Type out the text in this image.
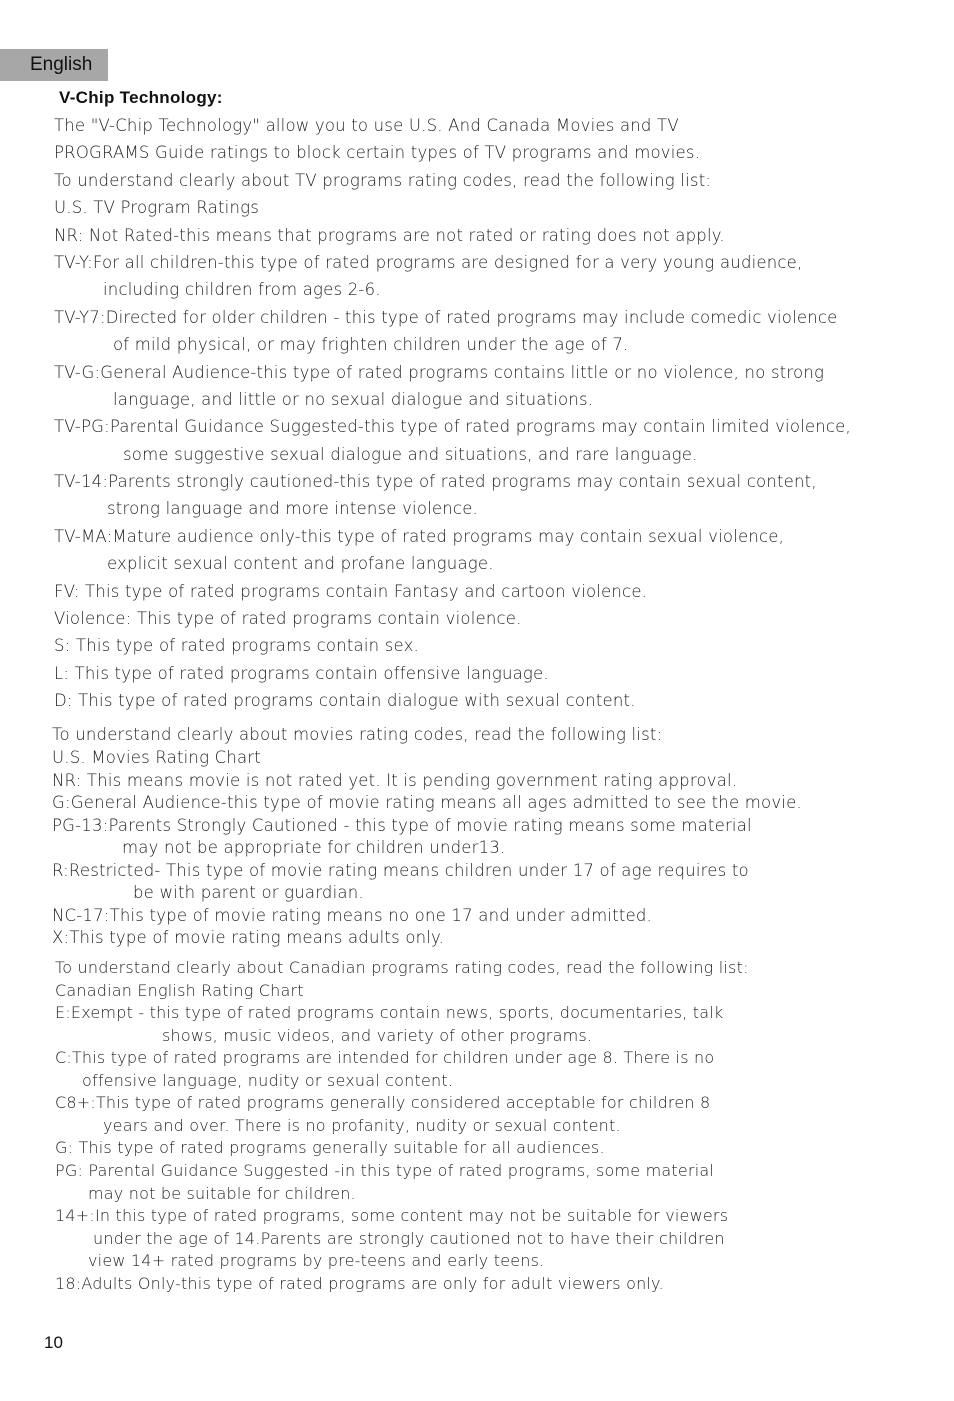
English
V-Chip Technology:
The "V-Chip Technology" allow you to use U.S. And Canada Movies and TV
PROGRAMS Guide ratings to block certain types of TV programs and movies.
To understand clearly about TV programs rating codes, read the following list:
U.S. TV Program Ratings
NR: Not Rated-this means that programs are not rated or rating does not apply.
TV-Y:For all children-this type of rated programs are designed for a very young audience,
including children from ages 2-6.
TV-Y7:Directed for older children - this type of rated programs may include comedic violence
of mild physical, or may frighten children under the age of 7.
TV-G:General Audience-this type of rated programs contains little or no violence, no strong
language, and little or no sexual dialogue and situations.
TV-PG:Parental Guidance Suggested-this type of rated programs may contain limited violence,
some suggestive sexual dialogue and situations, and rare language.
TV-14:Parents strongly cautioned-this type of rated programs may contain sexual content,
strong language and more intense violence.
TV-MA:Mature audience only-this type of rated programs may contain sexual violence,
explicit sexual content and profane language.
FV: This type of rated programs contain Fantasy and cartoon violence.
Violence: This type of rated programs contain violence.
S: This type of rated programs contain sex.
L: This type of rated programs contain offensive language.
D: This type of rated programs contain dialogue with sexual content.
To understand clearly about movies rating codes, read the following list:
U.S. Movies Rating Chart
NR: This means movie is not rated yet. It is pending government rating approval.
G:General Audience-this type of movie rating means all ages admitted to see the movie.
PG-13:Parents Strongly Cautioned - this type of movie rating means some material
may not be appropriate for children under13.
R:Restricted- This type of movie rating means children under 17 of age requires to
be with parent or guardian.
NC-17:This type of movie rating means no one 17 and under admitted.
X:This type of movie rating means adults only.
To understand clearly about Canadian programs rating codes, read the following list:
Canadian English Rating Chart
E:Exempt - this type of rated programs contain news, sports, documentaries, talk
shows, music videos, and variety of other programs.
C:This type of rated programs are intended for children under age 8. There is no
offensive language, nudity or sexual content.
C8+:This type of rated programs generally considered acceptable for children 8
years and over. There is no profanity, nudity or sexual content.
G: This type of rated programs generally suitable for all audiences.
PG: Parental Guidance Suggested -in this type of rated programs, some material
may not be suitable for children.
14+:In this type of rated programs, some content may not be suitable for viewers
under the age of 14.Parents are strongly cautioned not to have their children
view 14+ rated programs by pre-teens and early teens.
18:Adults Only-this type of rated programs are only for adult viewers only.
10
